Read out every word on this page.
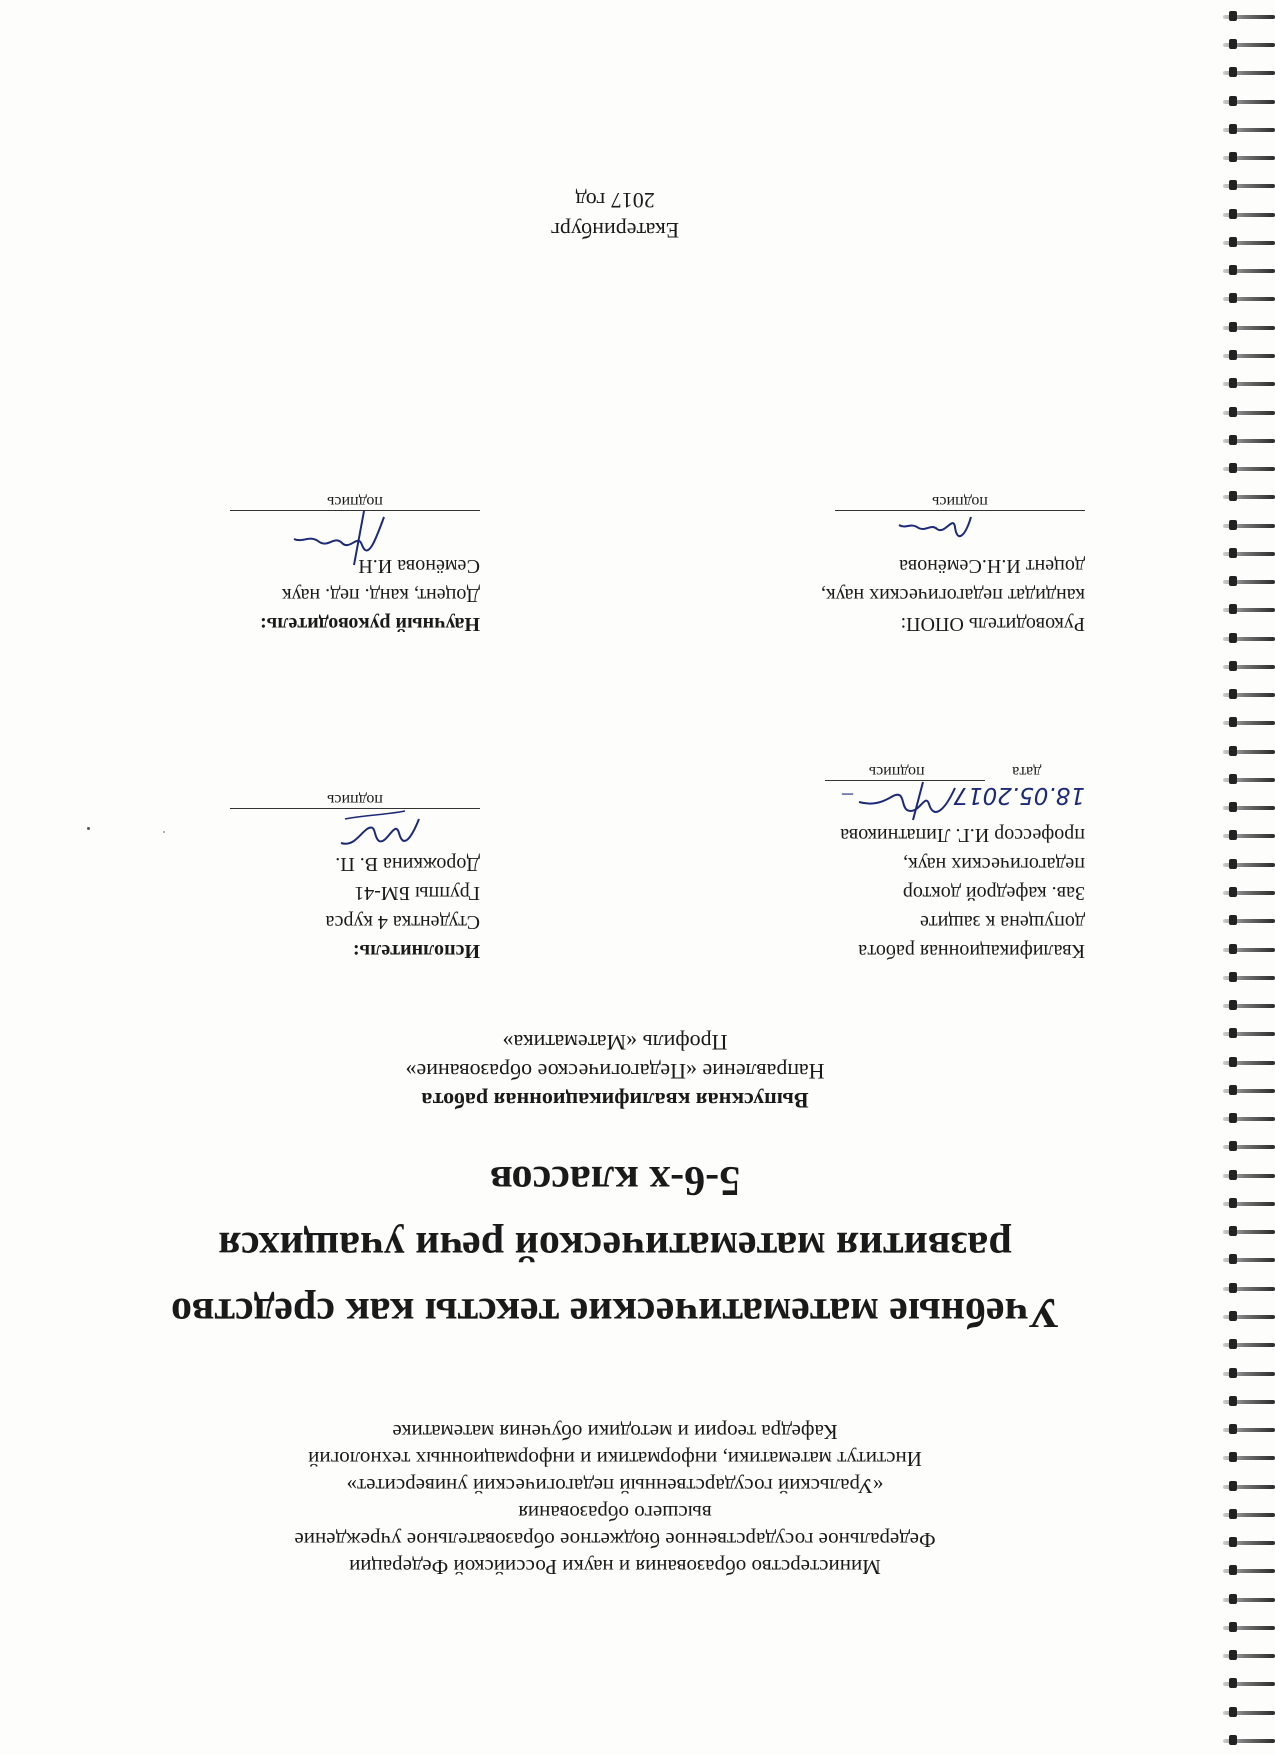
Министерство образования и науки Российской Федерации
Федеральное государственное бюджетное образовательное учреждение
высшего образования
«Уральский государственный педагогический университет»
Институт математики, информатики и информационных технологий
Кафедра теории и методики обучения математике
Учебные математические тексты как средство
развития математической речи учащихся
5-6-х классов
Выпускная квалификационная работа
Направление «Педагогическое образование»
Профиль «Математика»
Квалификационная работа
допущена к защите
Зав. кафедрой доктор
педагогических наук,
профессор И.Г. Липатникова
18.05.2017
–
дата
подпись
Исполнитель:
Студентка 4 курса
Группы БМ-41
Дорожкина В. П.
подпись
Руководитель ОПОП:
кандидат педагогических наук,
доцент И.Н.Семёнова
подпись
Научный руководитель:
Доцент, канд. пед. наук
Семёнова И.Н
подпись
Екатеринбург
2017 год
